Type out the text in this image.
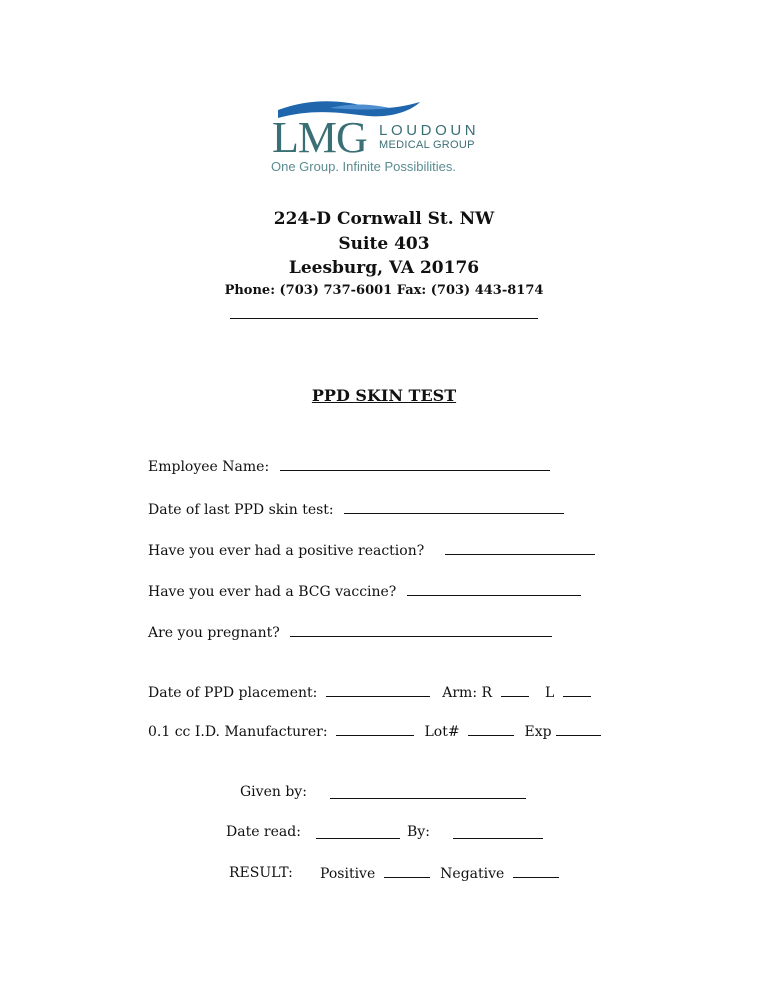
LMG LOUDOUN
MEDICAL GROUP
One Group. Infinite Possibilities.
224-D Cornwall St. NW
Suite 403
Leesburg, VA 20176
Phone: (703) 737-6001 Fax: (703) 443-8174
PPD SKIN TEST
Employee Name:
Date of last PPD skin test:
Have you ever had a positive reaction?
Have you ever had a BCG vaccine?
Are you pregnant?
Date of PPD placement:	Arm: R	L
0.1 cc I.D. Manufacturer:	Lot#	Exp
Given by:
Date read:	By:
RESULT: Positive	Negative
